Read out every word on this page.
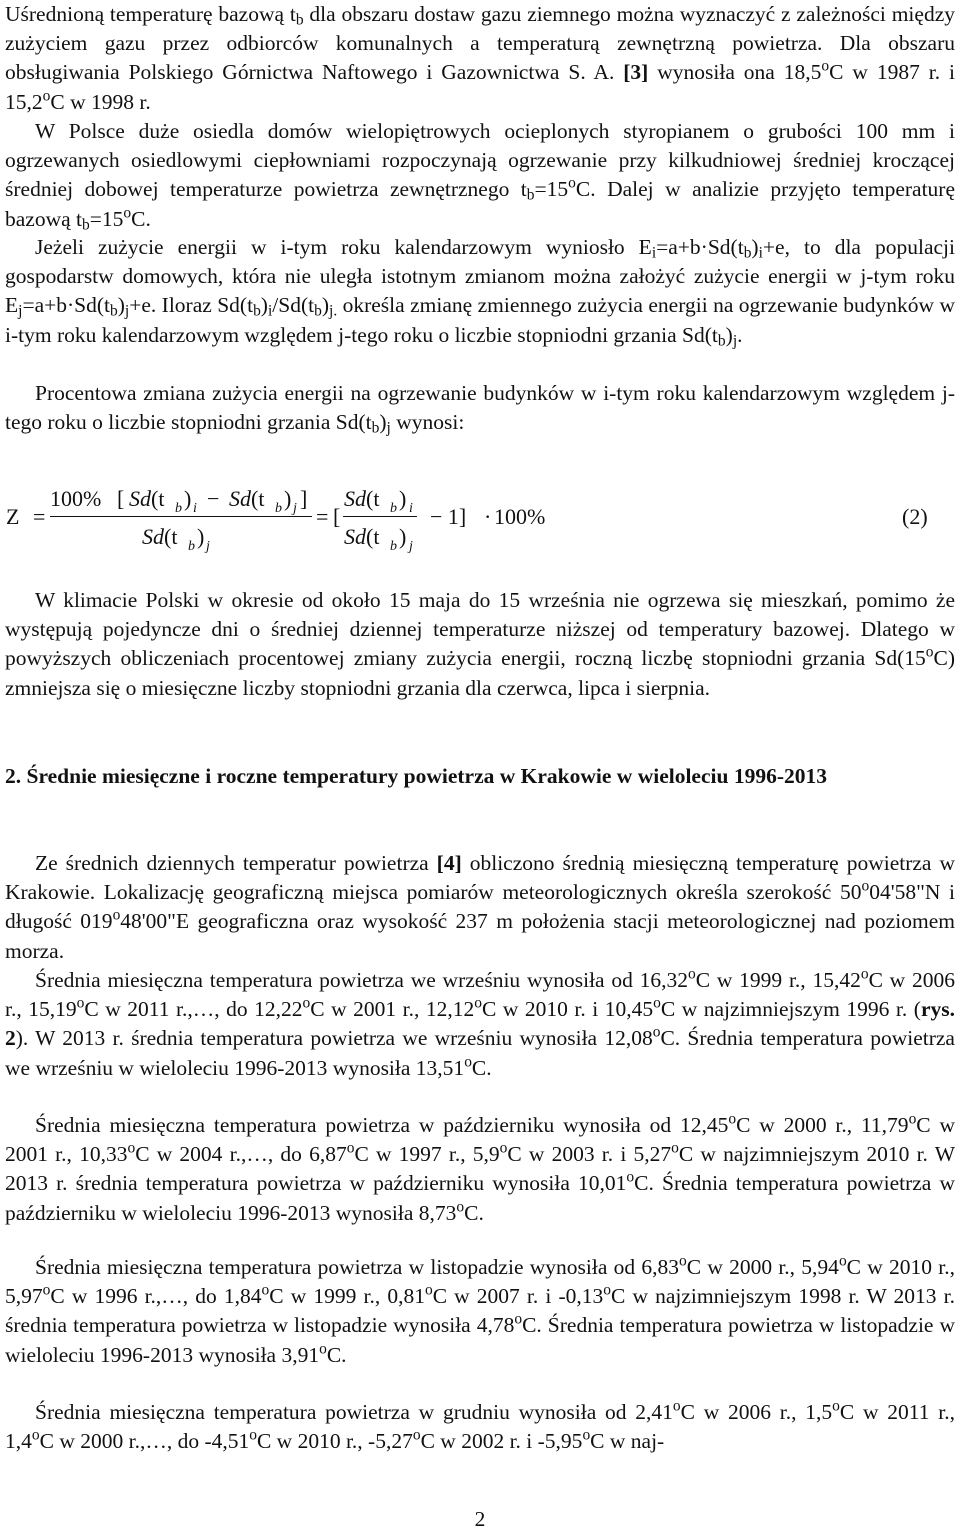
Uśrednioną temperaturę bazową $t_b$ dla obszaru dostaw gazu ziemnego można wyznaczyć z zależności między zużyciem gazu przez odbiorców komunalnych a temperaturą zewnętrzną powietrza. Dla obszaru obsługiwania Polskiego Górnictwa Naftowego i Gazownictwa S. A. [3] wynosiła ona 18,5$^o$C w 1987 r. i 15,2$^o$C w 1998 r.

W Polsce duże osiedla domów wielopiętrowych ocieplonych styropianem o grubości 100 mm i ogrzewanych osiedlowymi ciepłowniami rozpoczynają ogrzewanie przy kilkudniowej średniej kroczącej średniej dobowej temperaturze powietrza zewnętrznego $t_b=15^oC$. Dalej w analizie przyjęto temperaturę bazową $t_b=15^oC$.

Jeżeli zużycie energii w i-tym roku kalendarzowym wyniosło $E_i=a+b\cdot Sd(t_b)_i+e$, to dla populacji gospodarstw domowych, która nie uległa istotnym zmianom można założyć zużycie energii w j-tym roku $E_j=a+b\cdot Sd(t_b)_j+e$. Iloraz $Sd(t_b)_i/Sd(t_b)_{j.}$ określa zmianę zmiennego zużycia energii na ogrzewanie budynków w i-tym roku kalendarzowym względem j-tego roku o liczbie stopniodni grzania $Sd(t_b)_j$.

Procentowa zmiana zużycia energii na ogrzewanie budynków w i-tym roku kalendarzowym względem j-tego roku o liczbie stopniodni grzania $Sd(t_b)_j$ wynosi:

Z =
100% [ Sd(t b ) i − Sd (t b ) j ]
Sd (t b ) j
= [
Sd (t b ) i
Sd (t b ) j
− 1] · 100%	(2)

W klimacie Polski w okresie od około 15 maja do 15 września nie ogrzewa się mieszkań, pomimo że występują pojedyncze dni o średniej dziennej temperaturze niższej od temperatury bazowej. Dlatego w powyższych obliczeniach procentowej zmiany zużycia energii, roczną liczbę stopniodni grzania Sd(15$^o$C) zmniejsza się o miesięczne liczby stopniodni grzania dla czerwca, lipca i sierpnia.

2. Średnie miesięczne i roczne temperatury powietrza w Krakowie w wieloleciu 1996-2013

Ze średnich dziennych temperatur powietrza [4] obliczono średnią miesięczną temperaturę powietrza w Krakowie. Lokalizację geograficzną miejsca pomiarów meteorologicznych określa szerokość 50$^o$04'58"N i długość 019$^o$48'00"E geograficzna oraz wysokość 237 m położenia stacji meteorologicznej nad poziomem morza.

Średnia miesięczna temperatura powietrza we wrześniu wynosiła od 16,32$^o$C w 1999 r., 15,42$^o$C w 2006 r., 15,19$^o$C w 2011 r.,…, do 12,22$^o$C w 2001 r., 12,12$^o$C w 2010 r. i 10,45$^o$C w najzimniejszym 1996 r. (rys. 2). W 2013 r. średnia temperatura powietrza we wrześniu wynosiła 12,08$^o$C. Średnia temperatura powietrza we wrześniu w wieloleciu 1996-2013 wynosiła 13,51$^o$C.

Średnia miesięczna temperatura powietrza w październiku wynosiła od 12,45$^o$C w 2000 r., 11,79$^o$C w 2001 r., 10,33$^o$C w 2004 r.,…, do 6,87$^o$C w 1997 r., 5,9$^o$C w 2003 r. i 5,27$^o$C w najzimniejszym 2010 r. W 2013 r. średnia temperatura powietrza w październiku wynosiła 10,01$^o$C. Średnia temperatura powietrza w październiku w wieloleciu 1996-2013 wynosiła 8,73$^o$C.

Średnia miesięczna temperatura powietrza w listopadzie wynosiła od 6,83$^o$C w 2000 r., 5,94$^o$C w 2010 r., 5,97$^o$C w 1996 r.,…, do 1,84$^o$C w 1999 r., 0,81$^o$C w 2007 r. i -0,13$^o$C w najzimniejszym 1998 r. W 2013 r. średnia temperatura powietrza w listopadzie wynosiła 4,78$^o$C. Średnia temperatura powietrza w listopadzie w wieloleciu 1996-2013 wynosiła 3,91$^o$C.

Średnia miesięczna temperatura powietrza w grudniu wynosiła od 2,41$^o$C w 2006 r., 1,5$^o$C w 2011 r., 1,4$^o$C w 2000 r.,…, do -4,51$^o$C w 2010 r., -5,27$^o$C w 2002 r. i -5,95$^o$C w naj-

2
